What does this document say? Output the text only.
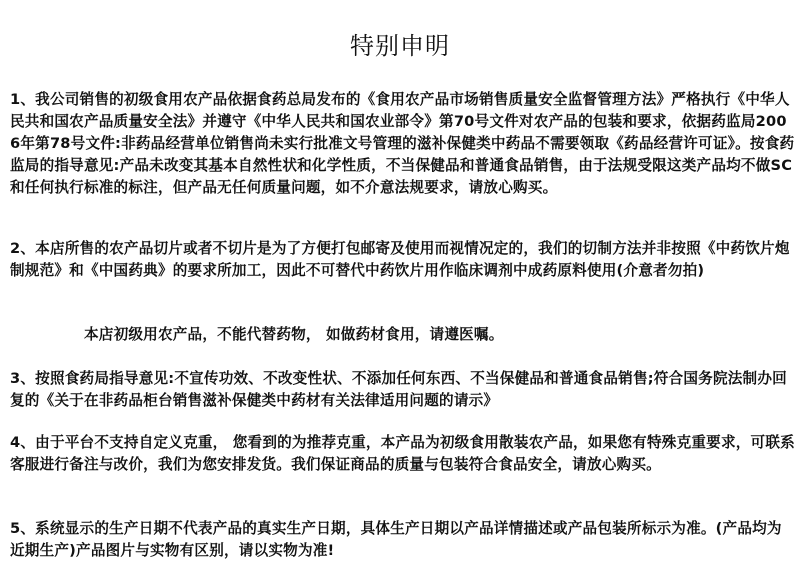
特别申明
1、我公司销售的初级食用农产品依据食药总局发布的《食用农产品市场销售质量安全监督管理方法》严格执行《中华人民共和国农产品质量安全法》并遵守《中华人民共和国农业部令》第70号文件对农产品的包装和要求，依据药监局2006年第78号文件:非药品经营单位销售尚未实行批准文号管理的滋补保健类中药品不需要领取《药品经营许可证》。按食药监局的指导意见:产品未改变其基本自然性状和化学性质，不当保健品和普通食品销售，由于法规受限这类产品均不做SC和任何执行标准的标注，但产品无任何质量问题，如不介意法规要求，请放心购买。
2、本店所售的农产品切片或者不切片是为了方便打包邮寄及使用而视情况定的，我们的切制方法并非按照《中药饮片炮制规范》和《中国药典》的要求所加工，因此不可替代中药饮片用作临床调剂中成药原料使用(介意者勿拍)
本店初级用农产品，不能代替药物， 如做药材食用，请遵医嘱。
3、按照食药局指导意见:不宣传功效、不改变性状、不添加任何东西、不当保健品和普通食品销售;符合国务院法制办回复的《关于在非药品柜台销售滋补保健类中药材有关法律适用问题的请示》
4、由于平台不支持自定义克重， 您看到的为推荐克重，本产品为初级食用散装农产品，如果您有特殊克重要求，可联系客服进行备注与改价，我们为您安排发货。我们保证商品的质量与包装符合食品安全，请放心购买。
5、系统显示的生产日期不代表产品的真实生产日期，具体生产日期以产品详情描述或产品包装所标示为准。(产品均为近期生产)产品图片与实物有区别，请以实物为准!
